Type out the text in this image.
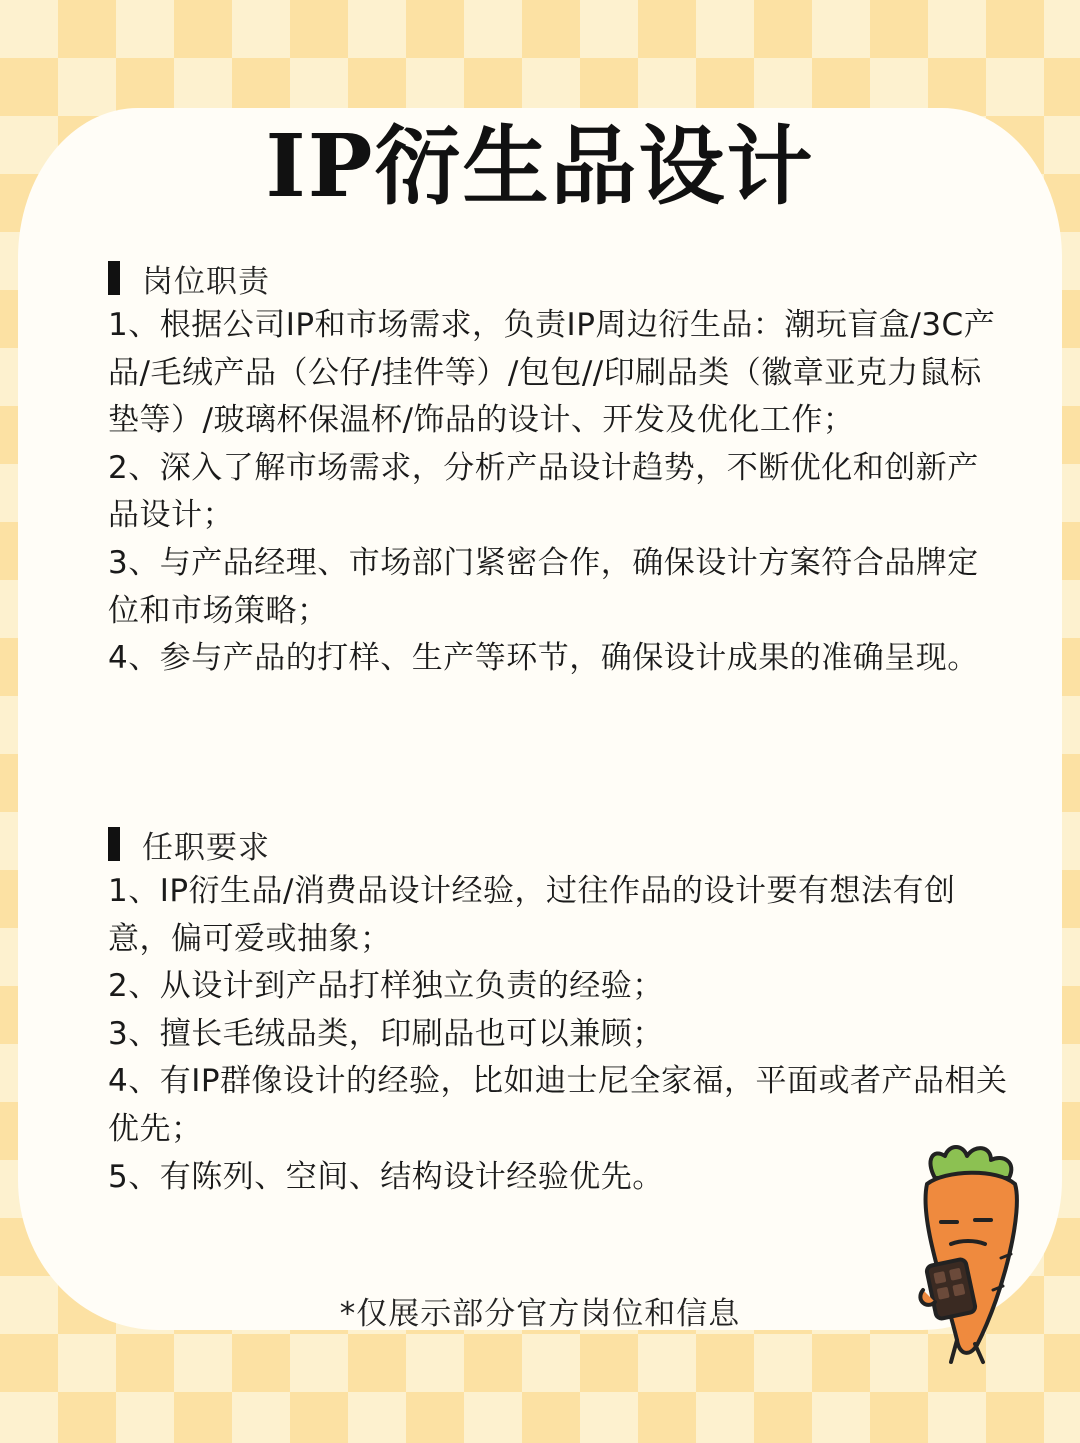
IP衍生品设计
岗位职责
1、根据公司IP和市场需求，负责IP周边衍生品：潮玩盲盒/3C产品/毛绒产品（公仔/挂件等）/包包//印刷品类（徽章亚克力鼠标垫等）/玻璃杯保温杯/饰品的设计、开发及优化工作；
2、深入了解市场需求，分析产品设计趋势，不断优化和创新产品设计；
3、与产品经理、市场部门紧密合作，确保设计方案符合品牌定位和市场策略；
4、参与产品的打样、生产等环节，确保设计成果的准确呈现。
任职要求
1、IP衍生品/消费品设计经验，过往作品的设计要有想法有创意，偏可爱或抽象；
2、从设计到产品打样独立负责的经验；
3、擅长毛绒品类，印刷品也可以兼顾；
4、有IP群像设计的经验，比如迪士尼全家福，平面或者产品相关优先；
5、有陈列、空间、结构设计经验优先。
*仅展示部分官方岗位和信息
